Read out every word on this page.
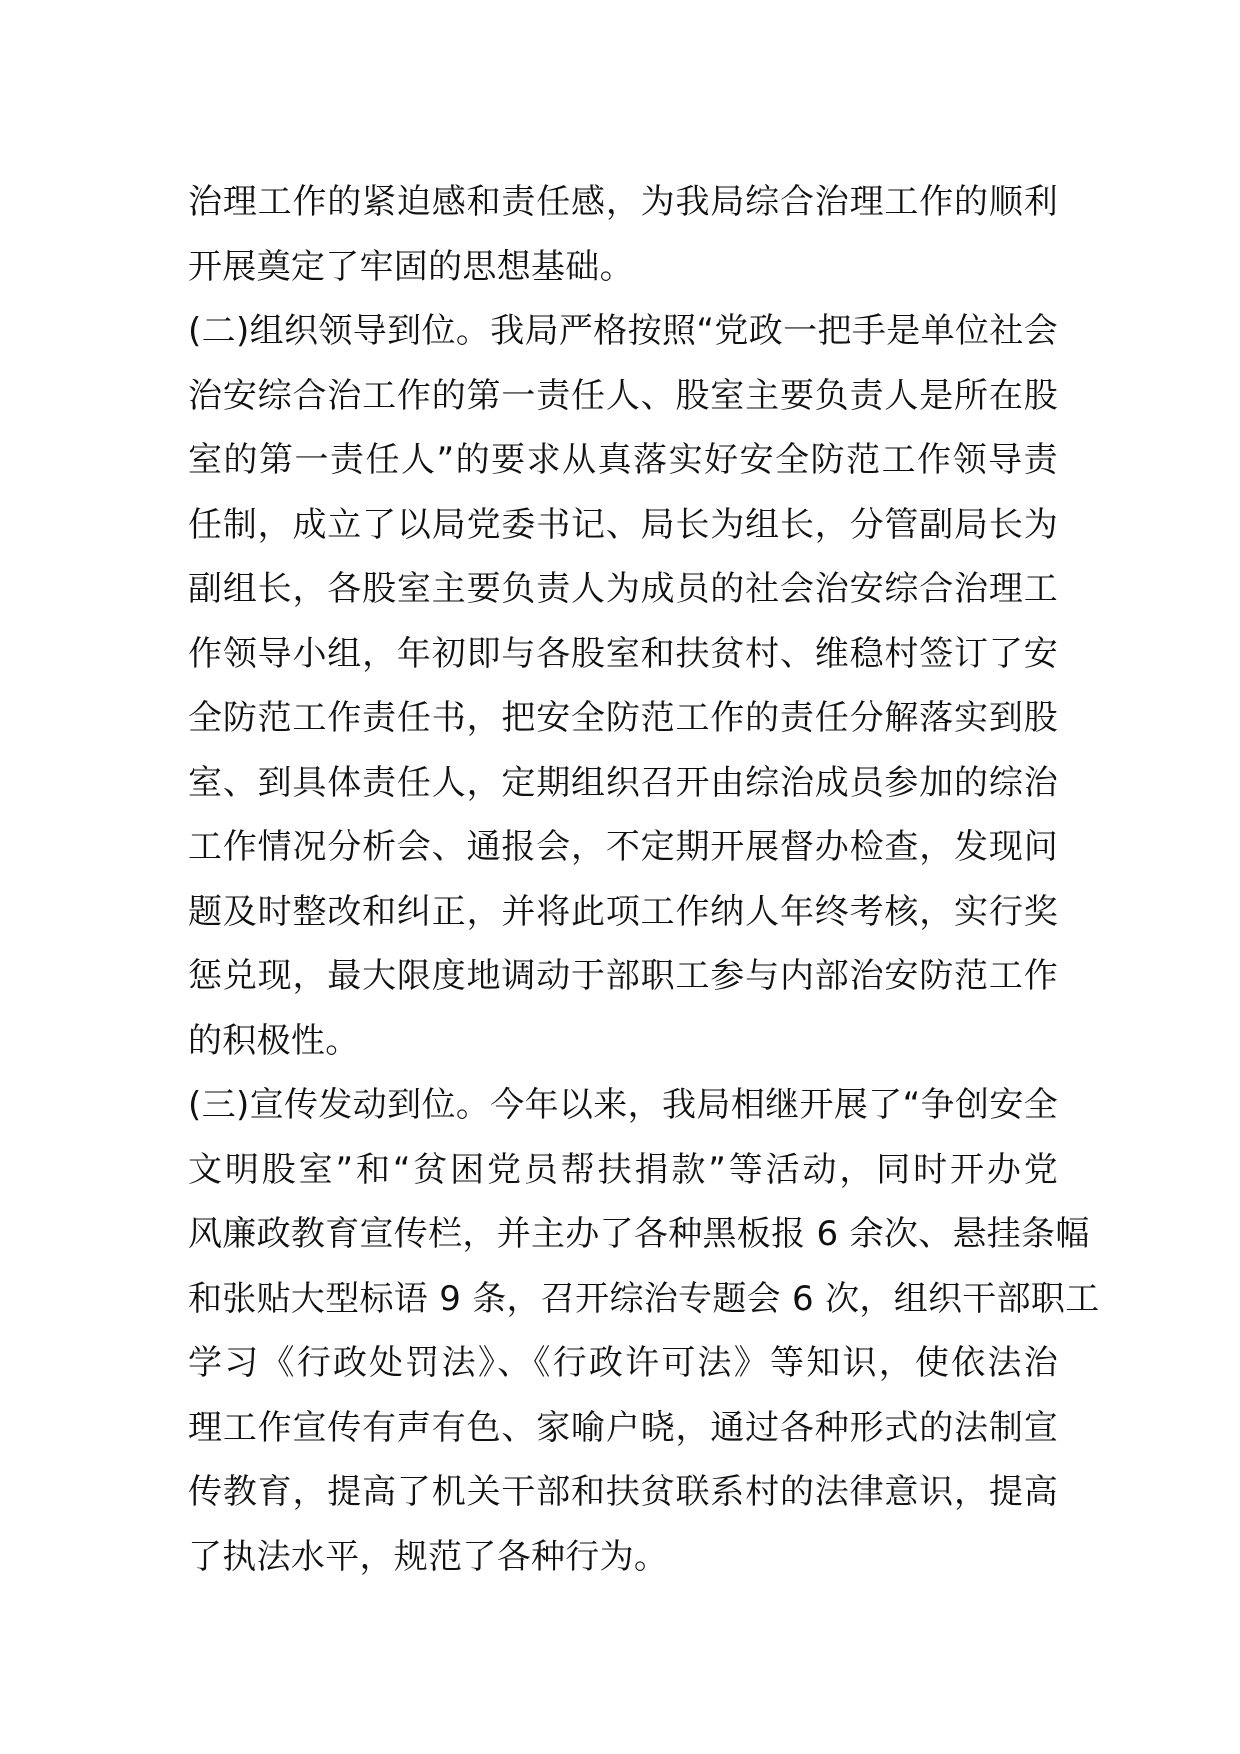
治理工作的紧迫感和责任感，为我局综合治理工作的顺利
开展奠定了牢固的思想基础。
(二)组织领导到位。我局严格按照“党政一把手是单位社会
治安综合治工作的第一责任人、股室主要负责人是所在股
室的第一责任人”的要求从真落实好安全防范工作领导责
任制，成立了以局党委书记、局长为组长，分管副局长为
副组长，各股室主要负责人为成员的社会治安综合治理工
作领导小组，年初即与各股室和扶贫村、维稳村签订了安
全防范工作责任书，把安全防范工作的责任分解落实到股
室、到具体责任人，定期组织召开由综治成员参加的综治
工作情况分析会、通报会，不定期开展督办检查，发现问
题及时整改和纠正，并将此项工作纳人年终考核，实行奖
惩兑现，最大限度地调动于部职工参与内部治安防范工作
的积极性。
(三)宣传发动到位。今年以来，我局相继开展了“争创安全
文明股室”和“贫困党员帮扶捐款”等活动，同时开办党
风廉政教育宣传栏，并主办了各种黑板报 6 余次、悬挂条幅
和张贴大型标语 9 条，召开综治专题会 6 次，组织干部职工
学习《行政处罚法》、《行政许可法》等知识，使依法治
理工作宣传有声有色、家喻户晓，通过各种形式的法制宣
传教育，提高了机关干部和扶贫联系村的法律意识，提高
了执法水平，规范了各种行为。
